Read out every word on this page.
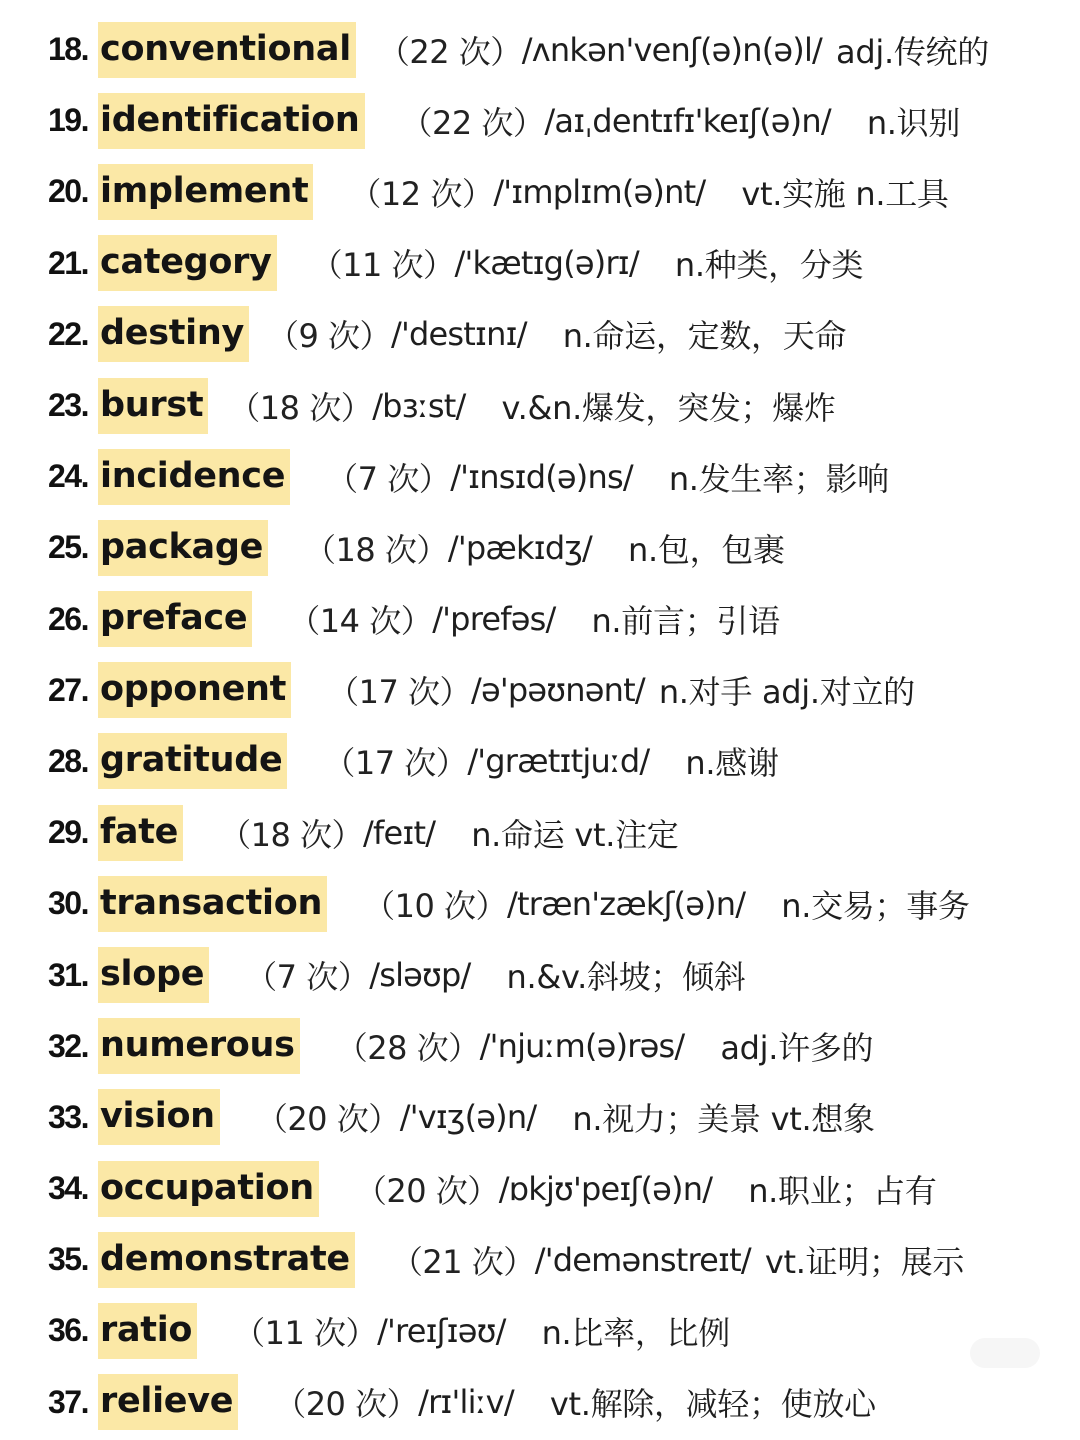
18. conventional （22 次） /ʌnkən'venʃ(ə)n(ə)l/ adj.传统的
19. identification （22 次） /aɪˌdentɪfɪ'keɪʃ(ə)n/ n.识别
20. implement （12 次） /'ɪmplɪm(ə)nt/ vt.实施 n.工具
21. category （11 次） /'kætɪg(ə)rɪ/ n.种类，分类
22. destiny （9 次） /'destɪnɪ/ n.命运，定数，天命
23. burst （18 次） /bɜːst/ v.&n.爆发，突发；爆炸
24. incidence （7 次） /'ɪnsɪd(ə)ns/ n.发生率；影响
25. package （18 次） /'pækɪdʒ/ n.包，包裹
26. preface （14 次） /'prefəs/ n.前言；引语
27. opponent （17 次） /ə'pəʊnənt/ n.对手 adj.对立的
28. gratitude （17 次） /'grætɪtjuːd/ n.感谢
29. fate （18 次） /feɪt/ n.命运 vt.注定
30. transaction （10 次） /træn'zækʃ(ə)n/ n.交易；事务
31. slope （7 次） /sləʊp/ n.&v.斜坡；倾斜
32. numerous （28 次） /'njuːm(ə)rəs/ adj.许多的
33. vision （20 次） /'vɪʒ(ə)n/ n.视力；美景 vt.想象
34. occupation （20 次） /ɒkjʊ'peɪʃ(ə)n/ n.职业；占有
35. demonstrate （21 次） /'demənstreɪt/ vt.证明；展示
36. ratio （11 次） /'reɪʃɪəʊ/ n.比率，比例
37. relieve （20 次） /rɪ'liːv/ vt.解除，减轻；使放心
